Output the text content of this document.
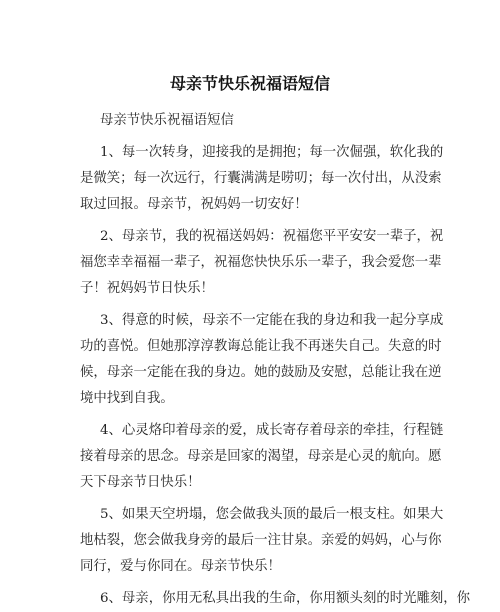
母亲节快乐祝福语短信

母亲节快乐祝福语短信

1、每一次转身，迎接我的是拥抱；每一次倔强，软化我的
是微笑；每一次远行，行囊满满是唠叨；每一次付出，从没索
取过回报。母亲节，祝妈妈一切安好！

2、母亲节，我的祝福送妈妈：祝福您平平安安一辈子，祝
福您幸幸福福一辈子，祝福您快快乐乐一辈子，我会爱您一辈
子！祝妈妈节日快乐！

3、得意的时候，母亲不一定能在我的身边和我一起分享成
功的喜悦。但她那淳淳教诲总能让我不再迷失自己。失意的时
候，母亲一定能在我的身边。她的鼓励及安慰，总能让我在逆
境中找到自我。

4、心灵烙印着母亲的爱，成长寄存着母亲的牵挂，行程链
接着母亲的思念。母亲是回家的渴望，母亲是心灵的航向。愿
天下母亲节日快乐！

5、如果天空坍塌，您会做我头顶的最后一根支柱。如果大
地枯裂，您会做我身旁的最后一注甘泉。亲爱的妈妈，心与你
同行，爱与你同在。母亲节快乐！

6、母亲，你用无私具出我的生命，你用额头刻的时光雕刻，你
